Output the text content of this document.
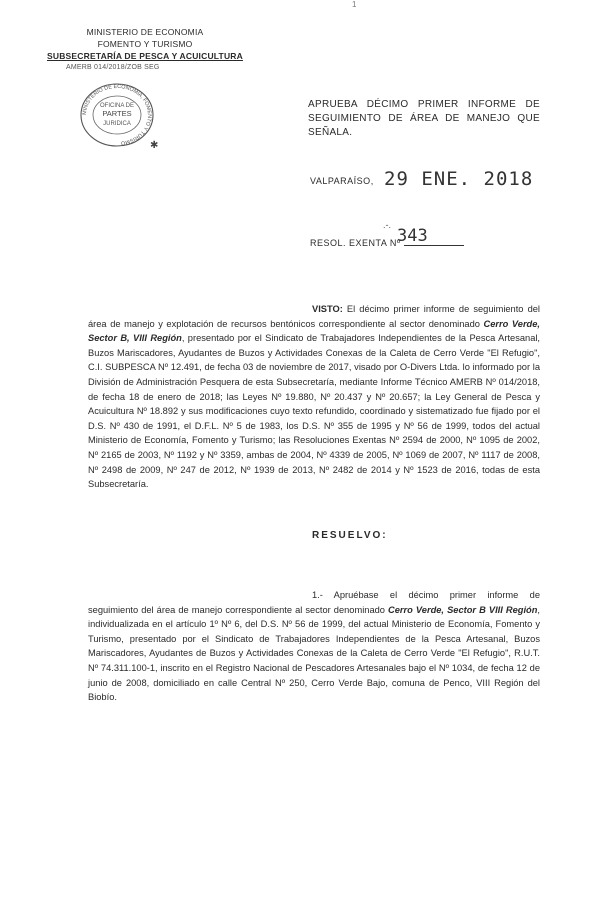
1
MINISTERIO DE ECONOMIA
FOMENTO Y TURISMO
SUBSECRETARÍA DE PESCA Y ACUICULTURA
AMERB 014/2018/ZOB SEG
MINISTERIO DE ECONOMÍA, FOMENTO Y TURISMO
OFICINA DE
PARTES
JURIDICA
✱
APRUEBA DÉCIMO PRIMER INFORME DE SEGUIMIENTO DE ÁREA DE MANEJO QUE SEÑALA.
VALPARAÍSO, 29 ENE. 2018
.-.
RESOL. EXENTA Nº
343
VISTO: El décimo primer informe de seguimiento del área de manejo y explotación de recursos bentónicos correspondiente al sector denominado Cerro Verde, Sector B, VIII Región, presentado por el Sindicato de Trabajadores Independientes de la Pesca Artesanal, Buzos Mariscadores, Ayudantes de Buzos y Actividades Conexas de la Caleta de Cerro Verde "El Refugio", C.I. SUBPESCA Nº 12.491, de fecha 03 de noviembre de 2017, visado por O-Divers Ltda. lo informado por la División de Administración Pesquera de esta Subsecretaría, mediante Informe Técnico AMERB Nº 014/2018, de fecha 18 de enero de 2018; las Leyes Nº 19.880, Nº 20.437 y Nº 20.657; la Ley General de Pesca y Acuicultura Nº 18.892 y sus modificaciones cuyo texto refundido, coordinado y sistematizado fue fijado por el D.S. Nº 430 de 1991, el D.F.L. Nº 5 de 1983, los D.S. Nº 355 de 1995 y Nº 56 de 1999, todos del actual Ministerio de Economía, Fomento y Turismo; las Resoluciones Exentas Nº 2594 de 2000, Nº 1095 de 2002, Nº 2165 de 2003, Nº 1192 y Nº 3359, ambas de 2004, Nº 4339 de 2005, Nº 1069 de 2007, Nº 1117 de 2008, Nº 2498 de 2009, Nº 247 de 2012, Nº 1939 de 2013, Nº 2482 de 2014 y Nº 1523 de 2016, todas de esta Subsecretaría.
RESUELVO:
1.- Apruébase el décimo primer informe de seguimiento del área de manejo correspondiente al sector denominado Cerro Verde, Sector B VIII Región, individualizada en el artículo 1º Nº 6, del D.S. Nº 56 de 1999, del actual Ministerio de Economía, Fomento y Turismo, presentado por el Sindicato de Trabajadores Independientes de la Pesca Artesanal, Buzos Mariscadores, Ayudantes de Buzos y Actividades Conexas de la Caleta de Cerro Verde "El Refugio", R.U.T. Nº 74.311.100-1, inscrito en el Registro Nacional de Pescadores Artesanales bajo el Nº 1034, de fecha 12 de junio de 2008, domiciliado en calle Central Nº 250, Cerro Verde Bajo, comuna de Penco, VIII Región del Biobío.
